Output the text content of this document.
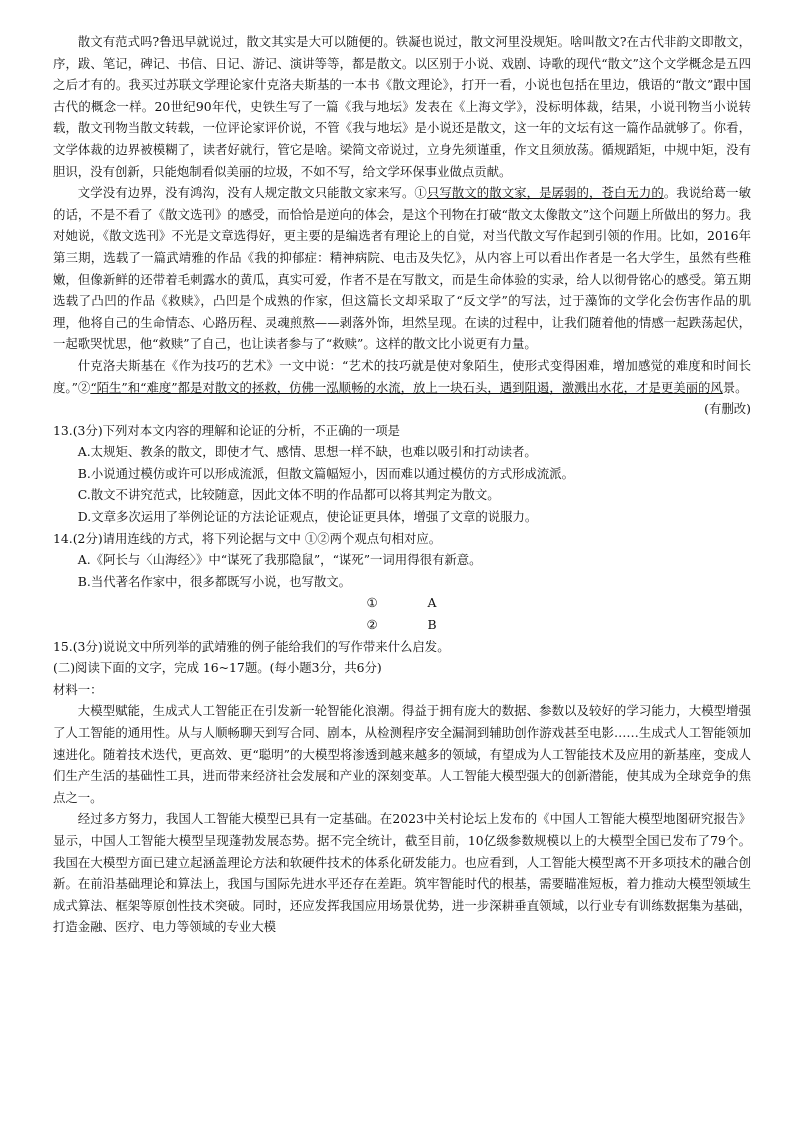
散文有范式吗?鲁迅早就说过，散文其实是大可以随便的。铁凝也说过，散文河里没规矩。啥叫散文?在古代非韵文即散文，序，跋、笔记，碑记、书信、日记、游记、演讲等等，都是散文。以区别于小说、戏剧、诗歌的现代“散文”这个文学概念是五四之后才有的。我买过苏联文学理论家什克洛夫斯基的一本书《散文理论》，打开一看，小说也包括在里边，俄语的“散文”跟中国古代的概念一样。20世纪90年代，史铁生写了一篇《我与地坛》发表在《上海文学》，没标明体裁，结果，小说刊物当小说转载，散文刊物当散文转载，一位评论家评价说，不管《我与地坛》是小说还是散文，这一年的文坛有这一篇作品就够了。你看，文学体裁的边界被模糊了，读者好就行，管它是啥。梁简文帝说过，立身先须谨重，作文且须放荡。循规蹈矩，中规中矩，没有胆识，没有创新，只能炮制看似美丽的垃圾，不如不写，给文学环保事业做点贡献。

文学没有边界，没有鸿沟，没有人规定散文只能散文家来写。①只写散文的散文家，是孱弱的，苍白无力的。我说给葛一敏的话，不是不看了《散文选刊》的感受，而恰恰是逆向的体会，是这个刊物在打破“散文太像散文”这个问题上所做出的努力。我对她说，《散文选刊》不光是文章选得好，更主要的是编选者有理论上的自觉，对当代散文写作起到引领的作用。比如，2016年第三期，选载了一篇武靖雅的作品《我的抑郁症：精神病院、电击及失忆》，从内容上可以看出作者是一名大学生，虽然有些稚嫩，但像新鲜的还带着毛刺露水的黄瓜，真实可爱，作者不是在写散文，而是生命体验的实录，给人以彻骨铭心的感受。第五期选载了凸凹的作品《救赎》，凸凹是个成熟的作家，但这篇长文却采取了“反文学”的写法，过于藻饰的文学化会伤害作品的肌理，他将自己的生命情态、心路历程、灵魂煎熬——剥落外饰，坦然呈现。在读的过程中，让我们随着他的情感一起跌荡起伏，一起歌哭忧思，他“救赎”了自己，也让读者参与了“救赎”。这样的散文比小说更有力量。

什克洛夫斯基在《作为技巧的艺术》一文中说：“艺术的技巧就是使对象陌生，使形式变得困难，增加感觉的难度和时间长度。”②“陌生”和“难度”都是对散文的拯救，仿佛一泓顺畅的水流，放上一块石头，遇到阻遏，激溅出水花，才是更美丽的风景。
(有删改)

13.(3分)下列对本文内容的理解和论证的分析，不正确的一项是

A.太规矩、教条的散文，即使才气、感情、思想一样不缺，也难以吸引和打动读者。

B.小说通过模仿或许可以形成流派，但散文篇幅短小，因而难以通过模仿的方式形成流派。

C.散文不讲究范式，比较随意，因此文体不明的作品都可以将其判定为散文。

D.文章多次运用了举例论证的方法论证观点，使论证更具体，增强了文章的说服力。

14.(2分)请用连线的方式，将下列论据与文中 ①②两个观点句相对应。

A.《阿长与〈山海经〉》中“谋死了我那隐鼠”，“谋死”一词用得很有新意。

B.当代著名作家中，很多都既写小说，也写散文。

①	A
②	B

15.(3分)说说文中所列举的武靖雅的例子能给我们的写作带来什么启发。

(二)阅读下面的文字，完成 16~17题。(每小题3分，共6分)

材料一：

大模型赋能，生成式人工智能正在引发新一轮智能化浪潮。得益于拥有庞大的数据、参数以及较好的学习能力，大模型增强了人工智能的通用性。从与人顺畅聊天到写合同、剧本，从检测程序安全漏洞到辅助创作游戏甚至电影……生成式人工智能领加速进化。随着技术迭代，更高效、更“聪明”的大模型将渗透到越来越多的领域，有望成为人工智能技术及应用的新基座，变成人们生产生活的基础性工具，进而带来经济社会发展和产业的深刻变革。人工智能大模型强大的创新潜能，使其成为全球竞争的焦点之一。

经过多方努力，我国人工智能大模型已具有一定基础。在2023中关村论坛上发布的《中国人工智能大模型地图研究报告》显示，中国人工智能大模型呈现蓬勃发展态势。据不完全统计，截至目前，10亿级参数规模以上的大模型全国已发布了79个。我国在大模型方面已建立起涵盖理论方法和软硬件技术的体系化研发能力。也应看到，人工智能大模型离不开多项技术的融合创新。在前沿基础理论和算法上，我国与国际先进水平还存在差距。筑牢智能时代的根基，需要瞄准短板，着力推动大模型领域生成式算法、框架等原创性技术突破。同时，还应发挥我国应用场景优势，进一步深耕垂直领域，以行业专有训练数据集为基础，打造金融、医疗、电力等领域的专业大模
